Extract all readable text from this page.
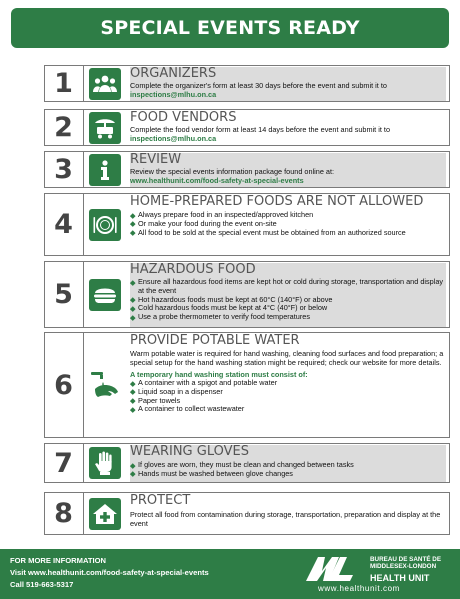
SPECIAL EVENTS READY
1	ORGANIZERS
Complete the organizer's form at least 30 days before the event and submit it to
inspections@mlhu.on.ca
2	FOOD VENDORS
Complete the food vendor form at least 14 days before the event and submit it to
inspections@mlhu.on.ca
3	REVIEW
Review the special events information package found online at:
www.healthunit.com/food-safety-at-special-events
4
HOME-PREPARED FOODS ARE NOT ALLOWED
Always prepare food in an inspected/approved kitchen
Or make your food during the event on-site
All food to be sold at the special event must be obtained from an authorized source
5
HAZARDOUS FOOD
Ensure all hazardous food items are kept hot or cold during storage, transportation and display at the event
Hot hazardous foods must be kept at 60°C (140°F) or above
Cold hazardous foods must be kept at 4°C (40°F) or below
Use a probe thermometer to verify food temperatures
6
PROVIDE POTABLE WATER
Warm potable water is required for hand washing, cleaning food surfaces and food preparation; a special setup for the hand washing station might be required; check our website for more details.
A temporary hand washing station must consist of:
A container with a spigot and potable water
Liquid soap in a dispenser
Paper towels
A container to collect wastewater
7	WEARING GLOVES
If gloves are worn, they must be clean and changed between tasks
Hands must be washed between glove changes
8	PROTECT
Protect all food from contamination during storage, transportation, preparation and display at the event
FOR MORE INFORMATION
Visit www.healthunit.com/food-safety-at-special-events
Call 519-663-5317
BUREAU DE SANTÉ DE
MIDDLESEX-LONDON
HEALTH UNIT
www.healthunit.com
